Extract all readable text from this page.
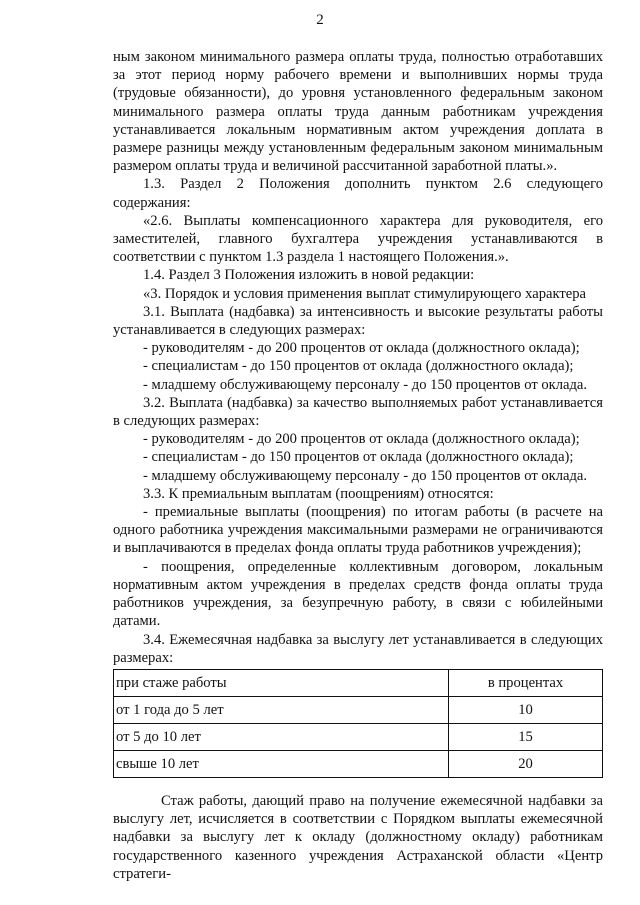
2

ным законом минимального размера оплаты труда, полностью отработавших за этот период норму рабочего времени и выполнивших нормы труда (трудовые обязанности), до уровня установленного федеральным законом минимального размера оплаты труда данным работникам учреждения устанавливается локальным нормативным актом учреждения доплата в размере разницы между установленным федеральным законом минимальным размером оплаты труда и величиной рассчитанной заработной платы.».

1.3. Раздел 2 Положения дополнить пунктом 2.6 следующего содержания:

«2.6. Выплаты компенсационного характера для руководителя, его заместителей, главного бухгалтера учреждения устанавливаются в соответствии с пунктом 1.3 раздела 1 настоящего Положения.».

1.4. Раздел 3 Положения изложить в новой редакции:

«3. Порядок и условия применения выплат стимулирующего характера

3.1. Выплата (надбавка) за интенсивность и высокие результаты работы устанавливается в следующих размерах:

- руководителям - до 200 процентов от оклада (должностного оклада);

- специалистам - до 150 процентов от оклада (должностного оклада);

- младшему обслуживающему персоналу - до 150 процентов от оклада.

3.2. Выплата (надбавка) за качество выполняемых работ устанавливается в следующих размерах:

- руководителям - до 200 процентов от оклада (должностного оклада);

- специалистам - до 150 процентов от оклада (должностного оклада);

- младшему обслуживающему персоналу - до 150 процентов от оклада.

3.3. К премиальным выплатам (поощрениям) относятся:

- премиальные выплаты (поощрения) по итогам работы (в расчете на одного работника учреждения максимальными размерами не ограничиваются и выплачиваются в пределах фонда оплаты труда работников учреждения);

- поощрения, определенные коллективным договором, локальным нормативным актом учреждения в пределах средств фонда оплаты труда работников учреждения, за безупречную работу, в связи с юбилейными датами.

3.4. Ежемесячная надбавка за выслугу лет устанавливается в следующих размерах:

при стаже работы	в процентах
от 1 года до 5 лет	10
от 5 до 10 лет	15
свыше 10 лет	20

Стаж работы, дающий право на получение ежемесячной надбавки за выслугу лет, исчисляется в соответствии с Порядком выплаты ежемесячной надбавки за выслугу лет к окладу (должностному окладу) работникам государственного казенного учреждения Астраханской области «Центр стратеги-
